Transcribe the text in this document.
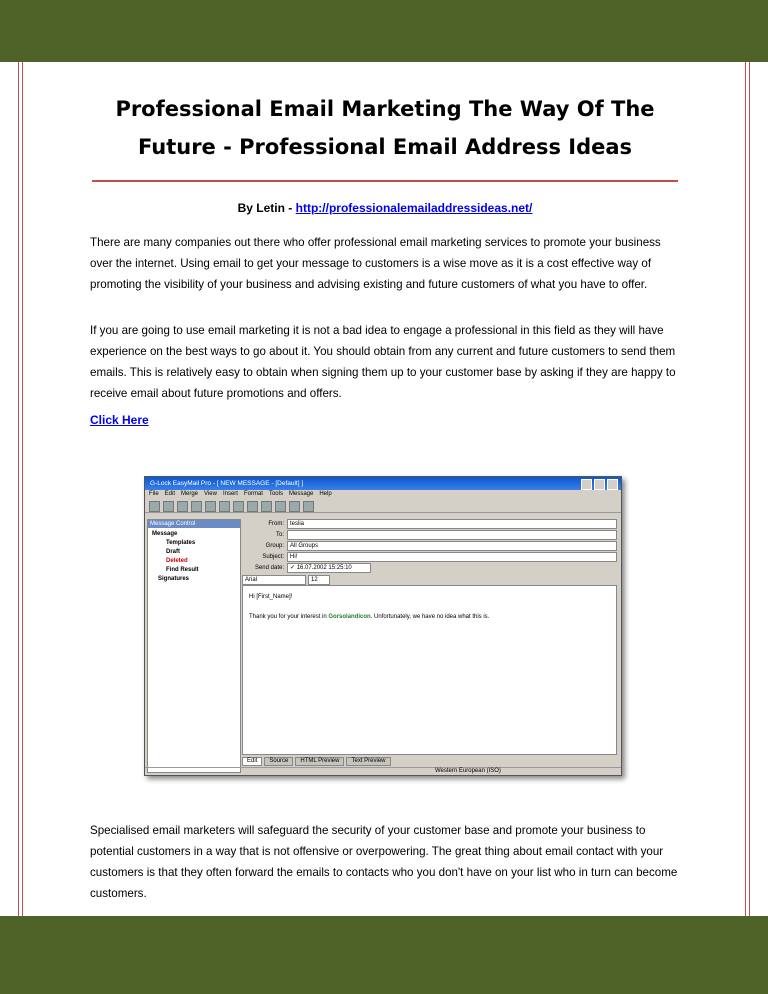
Professional Email Marketing The Way Of The Future - Professional Email Address Ideas
By Letin - http://professionalemailaddressideas.net/

There are many companies out there who offer professional email marketing services to promote your business over the internet. Using email to get your message to customers is a wise move as it is a cost effective way of promoting the visibility of your business and advising existing and future customers of what you have to offer.

If you are going to use email marketing it is not a bad idea to engage a professional in this field as they will have experience on the best ways to go about it. You should obtain from any current and future customers to send them emails. This is relatively easy to obtain when signing them up to your customer base by asking if they are happy to receive email about future promotions and offers.

Click Here
G-Lock EasyMail Pro - [ NEW MESSAGE - [Default] ]
File Edit Merge View Insert Format Tools Message Help
Message Control
Message
Templates
Draft
Deleted
Find Result
Signatures
From:	teslia
To:
Group:	All Groups
Subject:	Hi!
Send date:	✓ 16.07.2002 15:25:10
Arial	12
Hi [First_Name]!
Thank you for your interest in Gorsolandicon. Unfortunately, we have no idea what this is.
Edit	Source	HTML Preview	Text Preview
Western European (ISO)

Specialised email marketers will safeguard the security of your customer base and promote your business to potential customers in a way that is not offensive or overpowering. The great thing about email contact with your customers is that they often forward the emails to contacts who you don't have on your list who in turn can become customers.
